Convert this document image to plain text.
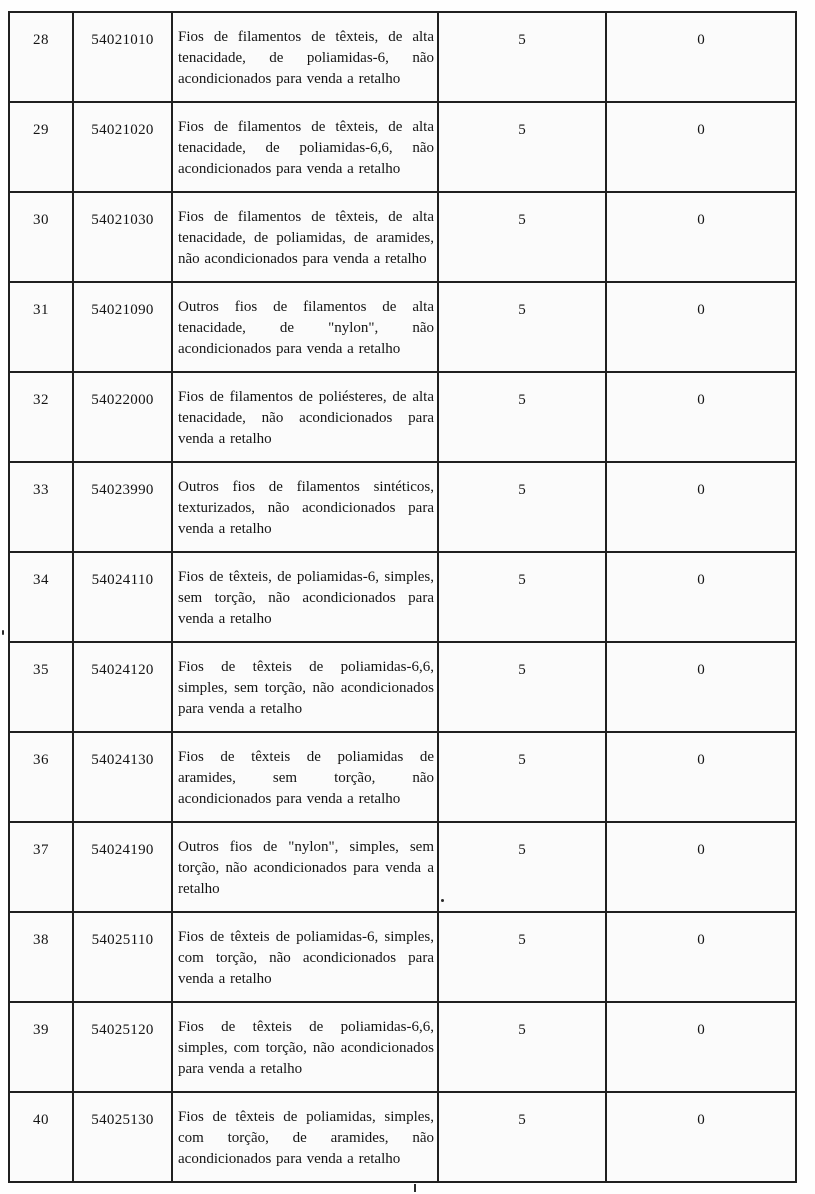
28	54021010	Fios de filamentos de têxteis, de alta tenacidade, de poliamidas-6, não acondicionados para venda a retalho	5	0
29	54021020	Fios de filamentos de têxteis, de alta tenacidade, de poliamidas-6,6, não acondicionados para venda a retalho	5	0
30	54021030	Fios de filamentos de têxteis, de alta tenacidade, de poliamidas, de aramides, não acondicionados para venda a retalho	5	0
31	54021090	Outros fios de filamentos de alta tenacidade, de "nylon", não acondicionados para venda a retalho	5	0
32	54022000	Fios de filamentos de poliésteres, de alta tenacidade, não acondicionados para venda a retalho	5	0
33	54023990	Outros fios de filamentos sintéticos, texturizados, não acondicionados para venda a retalho	5	0
34	54024110	Fios de têxteis, de poliamidas-6, simples, sem torção, não acondicionados para venda a retalho	5	0
35	54024120	Fios de têxteis de poliamidas-6,6, simples, sem torção, não acondicionados para venda a retalho	5	0
36	54024130	Fios de têxteis de poliamidas de aramides, sem torção, não acondicionados para venda a retalho	5	0
37	54024190	Outros fios de "nylon", simples, sem torção, não acondicionados para venda a retalho	5	0
38	54025110	Fios de têxteis de poliamidas-6, simples, com torção, não acondicionados para venda a retalho	5	0
39	54025120	Fios de têxteis de poliamidas-6,6, simples, com torção, não acondicionados para venda a retalho	5	0
40	54025130	Fios de têxteis de poliamidas, simples, com torção, de aramides, não acondicionados para venda a retalho	5	0
